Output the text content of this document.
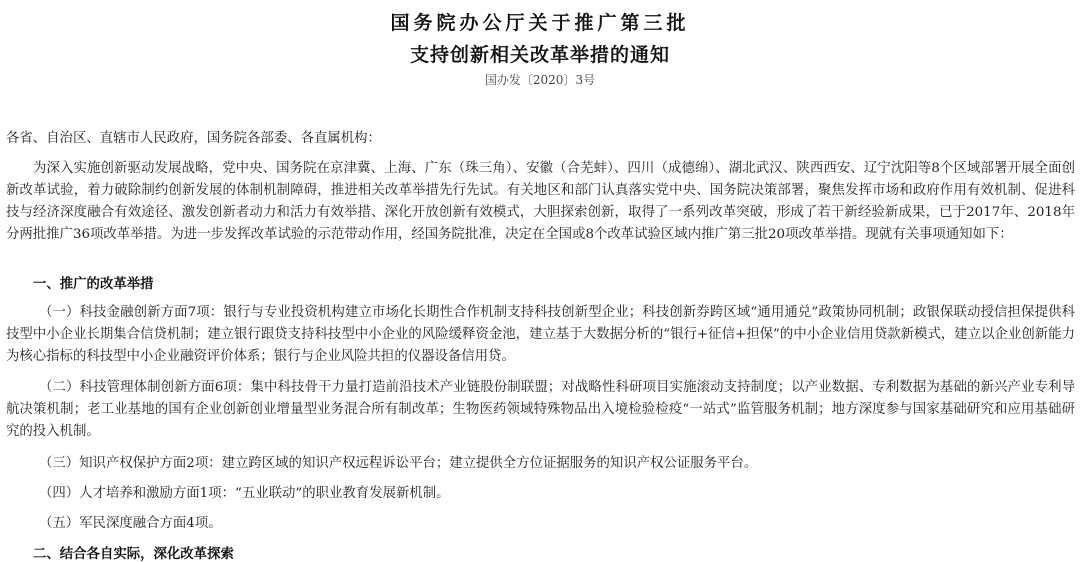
国务院办公厅关于推广第三批
支持创新相关改革举措的通知
国办发〔2020〕3号
各省、自治区、直辖市人民政府，国务院各部委、各直属机构：
为深入实施创新驱动发展战略，党中央、国务院在京津冀、上海、广东（珠三角）、安徽（合芜蚌）、四川（成德绵）、湖北武汉、陕西西安、辽宁沈阳等8个区域部署开展全面创新改革试验，着力破除制约创新发展的体制机制障碍，推进相关改革举措先行先试。有关地区和部门认真落实党中央、国务院决策部署，聚焦发挥市场和政府作用有效机制、促进科技与经济深度融合有效途径、激发创新者动力和活力有效举措、深化开放创新有效模式，大胆探索创新，取得了一系列改革突破，形成了若干新经验新成果，已于2017年、2018年分两批推广36项改革举措。为进一步发挥改革试验的示范带动作用，经国务院批准，决定在全国或8个改革试验区域内推广第三批20项改革举措。现就有关事项通知如下：
一、推广的改革举措
（一）科技金融创新方面7项：银行与专业投资机构建立市场化长期性合作机制支持科技创新型企业；科技创新券跨区域“通用通兑”政策协同机制；政银保联动授信担保提供科技型中小企业长期集合信贷机制；建立银行跟贷支持科技型中小企业的风险缓释资金池，建立基于大数据分析的“银行+征信+担保”的中小企业信用贷款新模式，建立以企业创新能力为核心指标的科技型中小企业融资评价体系；银行与企业风险共担的仪器设备信用贷。
（二）科技管理体制创新方面6项：集中科技骨干力量打造前沿技术产业链股份制联盟；对战略性科研项目实施滚动支持制度；以产业数据、专利数据为基础的新兴产业专利导航决策机制；老工业基地的国有企业创新创业增量型业务混合所有制改革；生物医药领域特殊物品出入境检验检疫“一站式”监管服务机制；地方深度参与国家基础研究和应用基础研究的投入机制。
（三）知识产权保护方面2项：建立跨区域的知识产权远程诉讼平台；建立提供全方位证据服务的知识产权公证服务平台。
（四）人才培养和激励方面1项：“五业联动”的职业教育发展新机制。
（五）军民深度融合方面4项。
二、结合各自实际，深化改革探索
